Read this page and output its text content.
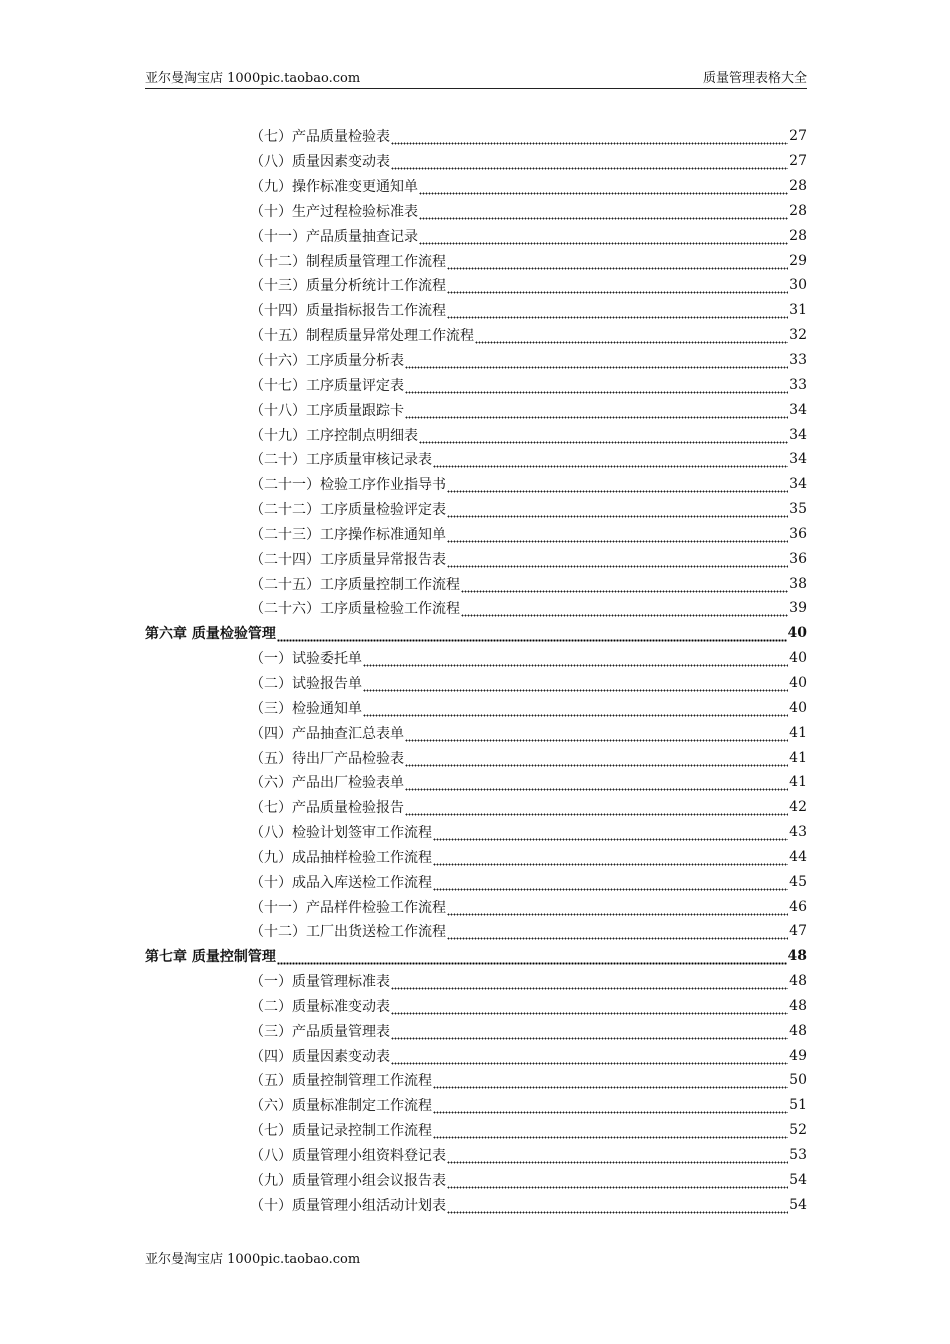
亚尔曼淘宝店 1000pic.taobao.com	质量管理表格大全
（七）产品质量检验表	27
（八）质量因素变动表	27
（九）操作标准变更通知单	28
（十）生产过程检验标准表	28
（十一）产品质量抽查记录	28
（十二）制程质量管理工作流程	29
（十三）质量分析统计工作流程	30
（十四）质量指标报告工作流程	31
（十五）制程质量异常处理工作流程	32
（十六）工序质量分析表	33
（十七）工序质量评定表	33
（十八）工序质量跟踪卡	34
（十九）工序控制点明细表	34
（二十）工序质量审核记录表	34
（二十一）检验工序作业指导书	34
（二十二）工序质量检验评定表	35
（二十三）工序操作标准通知单	36
（二十四）工序质量异常报告表	36
（二十五）工序质量控制工作流程	38
（二十六）工序质量检验工作流程	39
第六章 质量检验管理	40
（一）试验委托单	40
（二）试验报告单	40
（三）检验通知单	40
（四）产品抽查汇总表单	41
（五）待出厂产品检验表	41
（六）产品出厂检验表单	41
（七）产品质量检验报告	42
（八）检验计划签审工作流程	43
（九）成品抽样检验工作流程	44
（十）成品入库送检工作流程	45
（十一）产品样件检验工作流程	46
（十二）工厂出货送检工作流程	47
第七章 质量控制管理	48
（一）质量管理标准表	48
（二）质量标准变动表	48
（三）产品质量管理表	48
（四）质量因素变动表	49
（五）质量控制管理工作流程	50
（六）质量标准制定工作流程	51
（七）质量记录控制工作流程	52
（八）质量管理小组资料登记表	53
（九）质量管理小组会议报告表	54
（十）质量管理小组活动计划表	54
亚尔曼淘宝店 1000pic.taobao.com
